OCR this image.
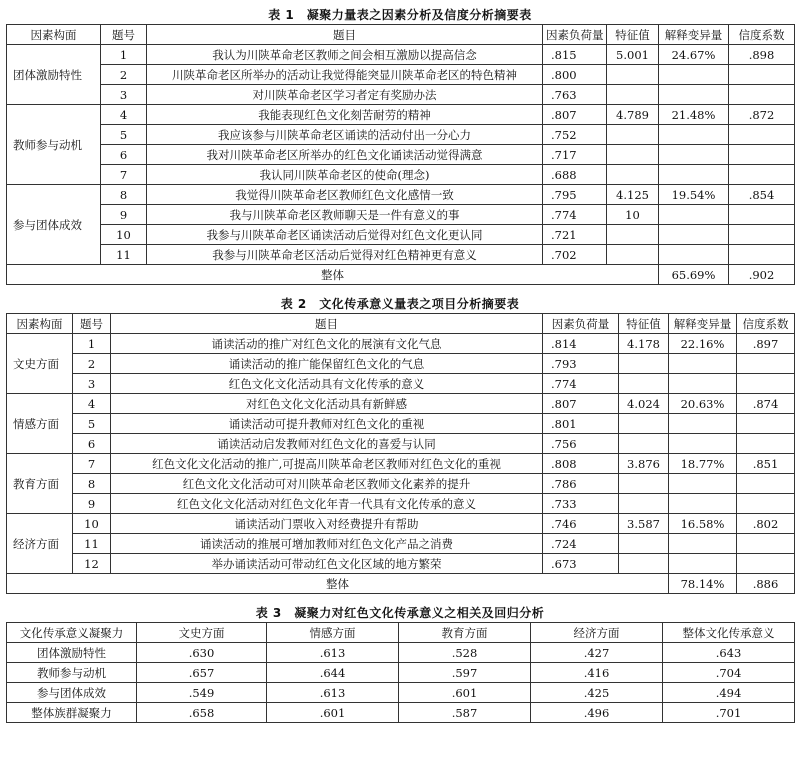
表 1　凝聚力量表之因素分析及信度分析摘要表
因素构面	题号	题目	因素负荷量	特征值	解释变异量	信度系数
团体激励特性	1	我认为川陕革命老区教师之间会相互激励以提高信念	.815	5.001	24.67%	.898
	2	川陕革命老区所举办的活动让我觉得能突显川陕革命老区的特色精神	.800			
	3	对川陕革命老区学习者定有奖励办法	.763			
教师参与动机	4	我能表现红色文化刻苦耐劳的精神	.807	4.789	21.48%	.872
	5	我应该参与川陕革命老区诵读的活动付出一分心力	.752			
	6	我对川陕革命老区所举办的红色文化诵读活动觉得满意	.717			
	7	我认同川陕革命老区的使命(理念)	.688			
参与团体成效	8	我觉得川陕革命老区教师红色文化感情一致	.795	4.125	19.54%	.854
	9	我与川陕革命老区教师聊天是一件有意义的事	.774	10		
	10	我参与川陕革命老区诵读活动后觉得对红色文化更认同	.721			
	11	我参与川陕革命老区活动后觉得对红色精神更有意义	.702			
整体					65.69%	.902
表 2　文化传承意义量表之项目分析摘要表
因素构面	题号	题目	因素负荷量	特征值	解释变异量	信度系数
文史方面	1	诵读活动的推广对红色文化的展演有文化气息	.814	4.178	22.16%	.897
	2	诵读活动的推广能保留红色文化的气息	.793			
	3	红色文化文化活动具有文化传承的意义	.774			
情感方面	4	对红色文化文化活动具有新鲜感	.807	4.024	20.63%	.874
	5	诵读活动可提升教师对红色文化的重视	.801			
	6	诵读活动启发教师对红色文化的喜爱与认同	.756			
教育方面	7	红色文化文化活动的推广,可提高川陕革命老区教师对红色文化的重视	.808	3.876	18.77%	.851
	8	红色文化文化活动可对川陕革命老区教师文化素养的提升	.786			
	9	红色文化文化活动对红色文化年青一代具有文化传承的意义	.733			
经济方面	10	诵读活动门票收入对经费提升有帮助	.746	3.587	16.58%	.802
	11	诵读活动的推展可增加教师对红色文化产品之消费	.724			
	12	举办诵读活动可带动红色文化区域的地方繁荣	.673			
整体					78.14%	.886
表 3　凝聚力对红色文化传承意义之相关及回归分析
文化传承意义凝聚力	文史方面	情感方面	教育方面	经济方面	整体文化传承意义
团体激励特性	.630	.613	.528	.427	.643
教师参与动机	.657	.644	.597	.416	.704
参与团体成效	.549	.613	.601	.425	.494
整体族群凝聚力	.658	.601	.587	.496	.701
